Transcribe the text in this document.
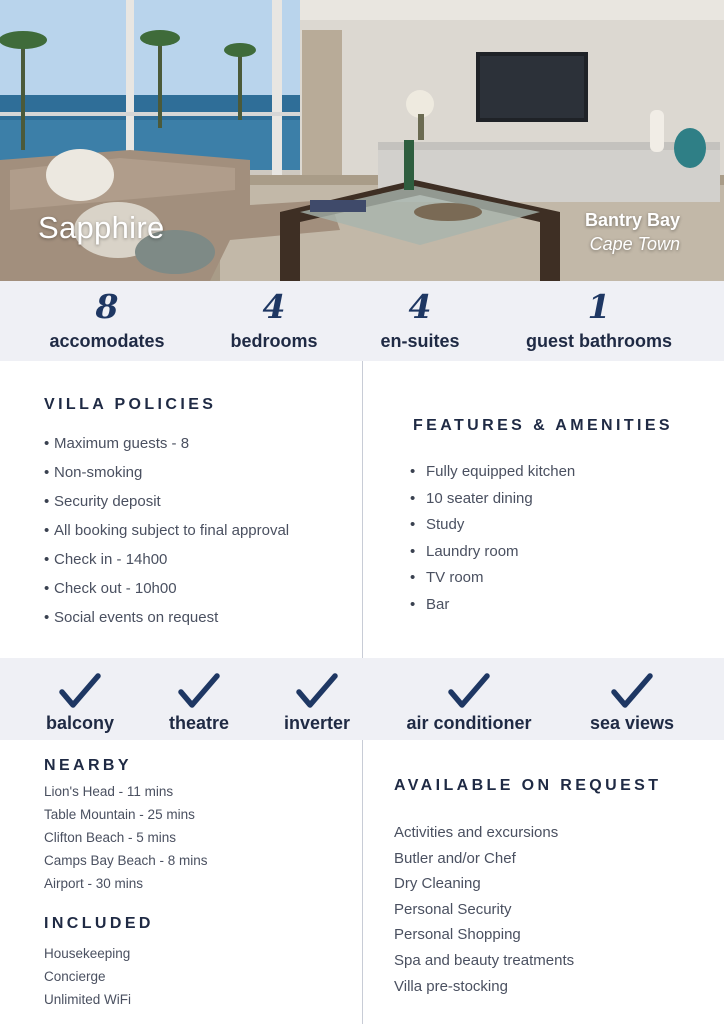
Sapphire	Bantry Bay
Cape Town
8
accomodates
4
bedrooms
4
en-suites
1
guest bathrooms
VILLA POLICIES
• Maximum guests - 8
• Non-smoking
• Security deposit
• All booking subject to final approval
• Check in - 14h00
• Check out - 10h00
• Social events on request
FEATURES & AMENITIES
• Fully equipped kitchen
• 10 seater dining
• Study
• Laundry room
• TV room
• Bar
balcony	theatre	inverter	air conditioner	sea views
NEARBY
Lion's Head - 11 mins
Table Mountain - 25 mins
Clifton Beach - 5 mins
Camps Bay Beach - 8 mins
Airport - 30 mins
INCLUDED
Housekeeping
Concierge
Unlimited WiFi
AVAILABLE ON REQUEST
Activities and excursions
Butler and/or Chef
Dry Cleaning
Personal Security
Personal Shopping
Spa and beauty treatments
Villa pre-stocking
